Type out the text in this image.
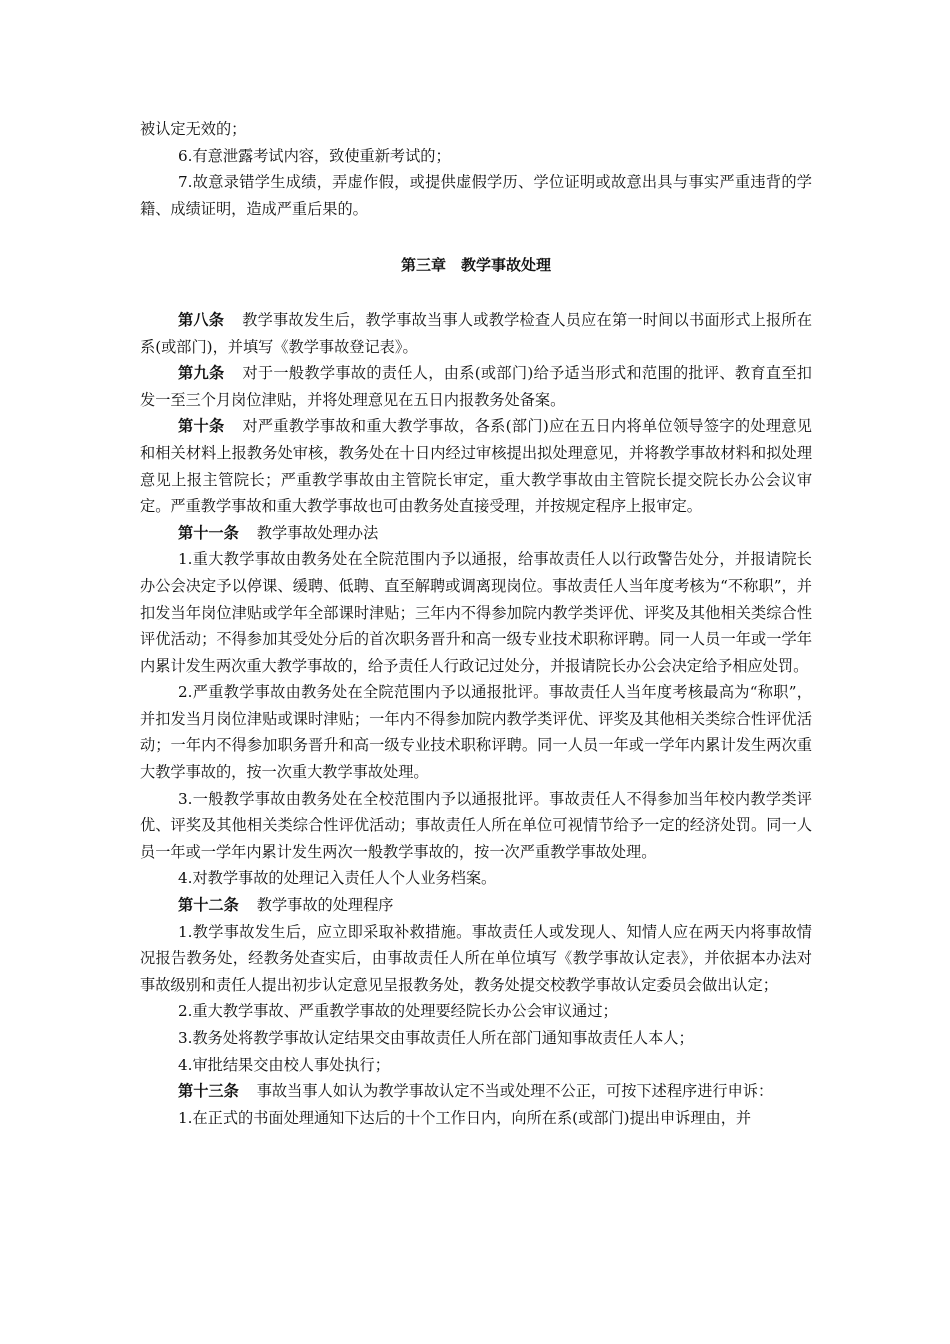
被认定无效的；

6.有意泄露考试内容，致使重新考试的；

7.故意录错学生成绩，弄虚作假，或提供虚假学历、学位证明或故意出具与事实严重违背的学籍、成绩证明，造成严重后果的。

第三章　教学事故处理

第八条 教学事故发生后，教学事故当事人或教学检查人员应在第一时间以书面形式上报所在系(或部门)，并填写《教学事故登记表》。

第九条 对于一般教学事故的责任人，由系(或部门)给予适当形式和范围的批评、教育直至扣发一至三个月岗位津贴，并将处理意见在五日内报教务处备案。

第十条 对严重教学事故和重大教学事故，各系(部门)应在五日内将单位领导签字的处理意见和相关材料上报教务处审核，教务处在十日内经过审核提出拟处理意见，并将教学事故材料和拟处理意见上报主管院长；严重教学事故由主管院长审定，重大教学事故由主管院长提交院长办公会议审定。严重教学事故和重大教学事故也可由教务处直接受理，并按规定程序上报审定。

第十一条 教学事故处理办法

1.重大教学事故由教务处在全院范围内予以通报，给事故责任人以行政警告处分，并报请院长办公会决定予以停课、缓聘、低聘、直至解聘或调离现岗位。事故责任人当年度考核为“不称职”，并扣发当年岗位津贴或学年全部课时津贴；三年内不得参加院内教学类评优、评奖及其他相关类综合性评优活动；不得参加其受处分后的首次职务晋升和高一级专业技术职称评聘。同一人员一年或一学年内累计发生两次重大教学事故的，给予责任人行政记过处分，并报请院长办公会决定给予相应处罚。

2.严重教学事故由教务处在全院范围内予以通报批评。事故责任人当年度考核最高为“称职”，并扣发当月岗位津贴或课时津贴；一年内不得参加院内教学类评优、评奖及其他相关类综合性评优活动；一年内不得参加职务晋升和高一级专业技术职称评聘。同一人员一年或一学年内累计发生两次重大教学事故的，按一次重大教学事故处理。

3.一般教学事故由教务处在全校范围内予以通报批评。事故责任人不得参加当年校内教学类评优、评奖及其他相关类综合性评优活动；事故责任人所在单位可视情节给予一定的经济处罚。同一人员一年或一学年内累计发生两次一般教学事故的，按一次严重教学事故处理。

4.对教学事故的处理记入责任人个人业务档案。

第十二条 教学事故的处理程序

1.教学事故发生后，应立即采取补救措施。事故责任人或发现人、知情人应在两天内将事故情况报告教务处，经教务处查实后，由事故责任人所在单位填写《教学事故认定表》，并依据本办法对事故级别和责任人提出初步认定意见呈报教务处，教务处提交校教学事故认定委员会做出认定；

2.重大教学事故、严重教学事故的处理要经院长办公会审议通过；

3.教务处将教学事故认定结果交由事故责任人所在部门通知事故责任人本人；

4.审批结果交由校人事处执行；

第十三条 事故当事人如认为教学事故认定不当或处理不公正，可按下述程序进行申诉：

1.在正式的书面处理通知下达后的十个工作日内，向所在系(或部门)提出申诉理由，并
